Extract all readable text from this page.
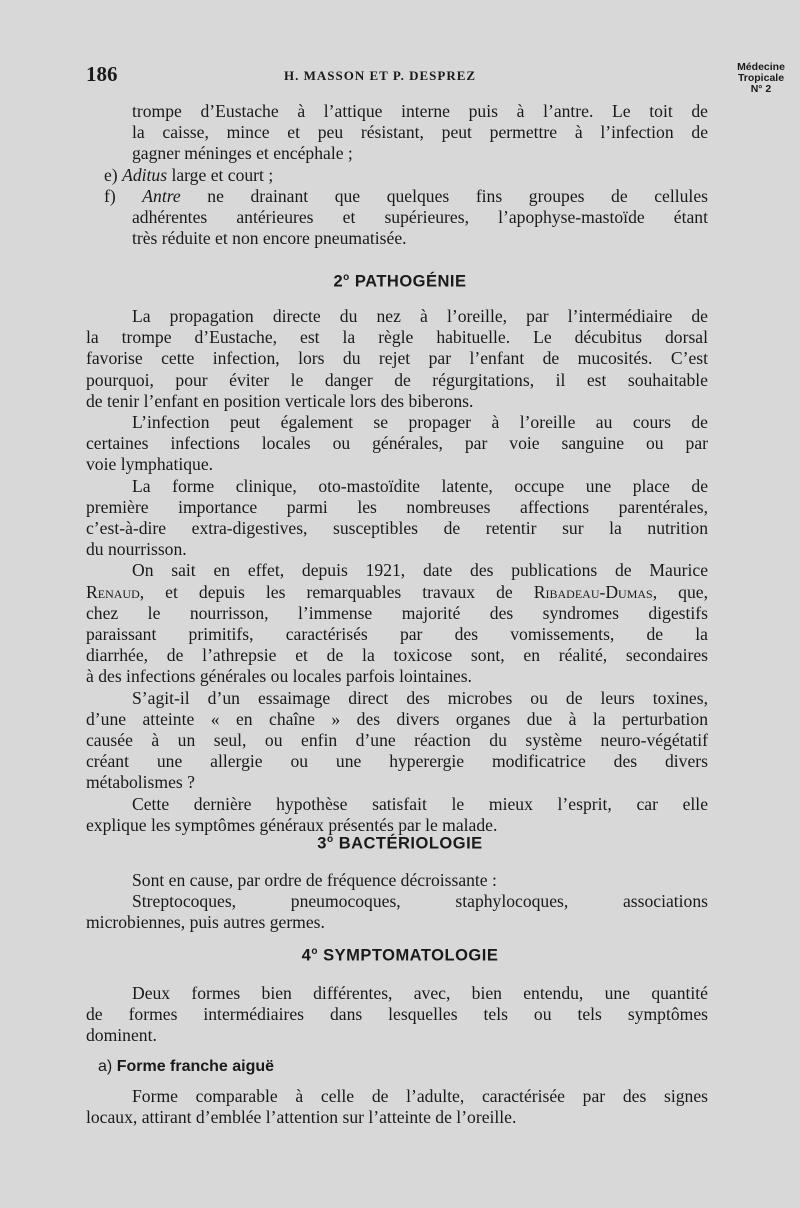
186	H. MASSON ET P. DESPREZ
Médecine
Tropicale
N° 2
trompe d’Eustache à l’attique interne puis à l’antre. Le toit de
la caisse, mince et peu résistant, peut permettre à l’infection de
gagner méninges et encéphale ;
e) Aditus large et court ;
f) Antre ne drainant que quelques fins groupes de cellules
adhérentes antérieures et supérieures, l’apophyse-mastoïde étant
très réduite et non encore pneumatisée.
2$^o$ PATHOGÉNIE
La propagation directe du nez à l’oreille, par l’intermédiaire de
la trompe d’Eustache, est la règle habituelle. Le décubitus dorsal
favorise cette infection, lors du rejet par l’enfant de mucosités. C’est
pourquoi, pour éviter le danger de régurgitations, il est souhaitable
de tenir l’enfant en position verticale lors des biberons.
L’infection peut également se propager à l’oreille au cours de
certaines infections locales ou générales, par voie sanguine ou par
voie lymphatique.
La forme clinique, oto-mastoïdite latente, occupe une place de
première importance parmi les nombreuses affections parentérales,
c’est-à-dire extra-digestives, susceptibles de retentir sur la nutrition
du nourrisson.
On sait en effet, depuis 1921, date des publications de Maurice
Renaud, et depuis les remarquables travaux de Ribadeau-Dumas, que,
chez le nourrisson, l’immense majorité des syndromes digestifs
paraissant primitifs, caractérisés par des vomissements, de la
diarrhée, de l’athrepsie et de la toxicose sont, en réalité, secondaires
à des infections générales ou locales parfois lointaines.
S’agit-il d’un essaimage direct des microbes ou de leurs toxines,
d’une atteinte « en chaîne » des divers organes due à la perturbation
causée à un seul, ou enfin d’une réaction du système neuro-végétatif
créant une allergie ou une hyperergie modificatrice des divers
métabolismes ?
Cette dernière hypothèse satisfait le mieux l’esprit, car elle
explique les symptômes généraux présentés par le malade.
3$^o$ BACTÉRIOLOGIE
Sont en cause, par ordre de fréquence décroissante :
Streptocoques, pneumocoques, staphylocoques, associations
microbiennes, puis autres germes.
4$^o$ SYMPTOMATOLOGIE
Deux formes bien différentes, avec, bien entendu, une quantité
de formes intermédiaires dans lesquelles tels ou tels symptômes
dominent.
a) Forme franche aiguë
Forme comparable à celle de l’adulte, caractérisée par des signes
locaux, attirant d’emblée l’attention sur l’atteinte de l’oreille.
